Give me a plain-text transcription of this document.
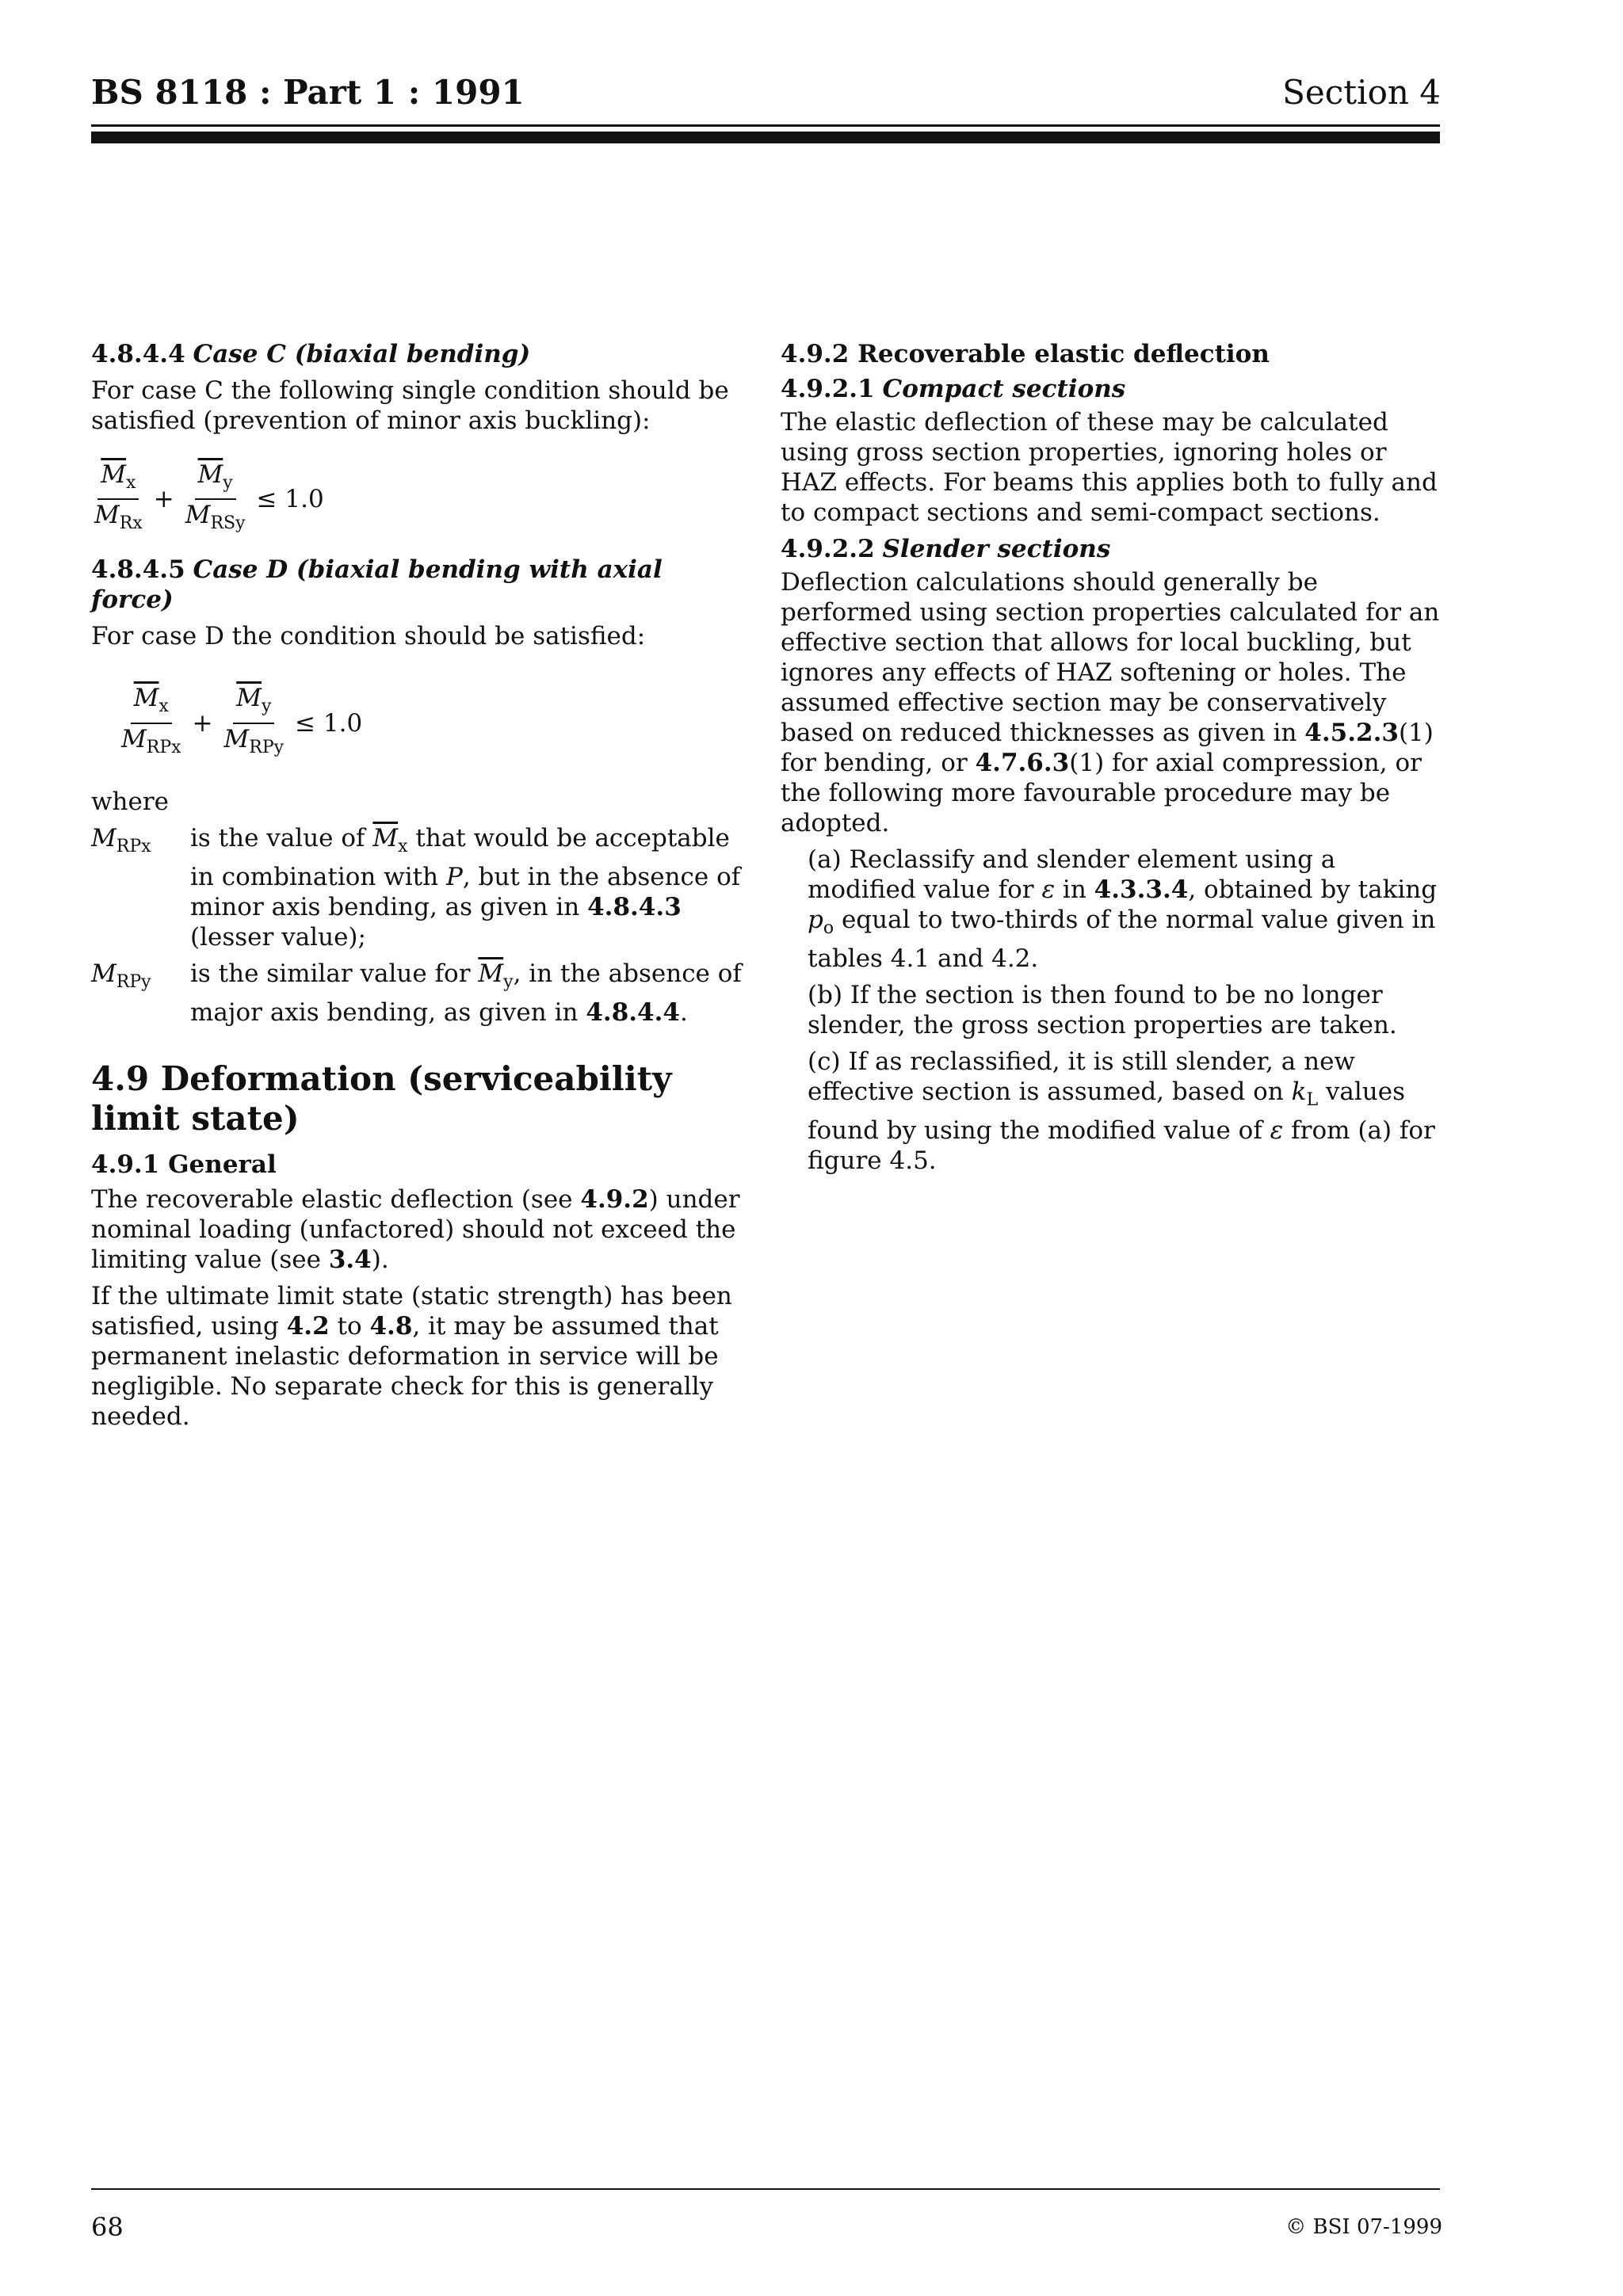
BS 8118 : Part 1 : 1991	Section 4

4.8.4.4 Case C (biaxial bending)

For case C the following single condition should be satisfied (prevention of minor axis buckling):

$\frac{\overline{M}_x}{M_{Rx}} + \frac{\overline{M}_y}{M_{RSy}} \le 1.0$

4.8.4.5 Case D (biaxial bending with axial force)

For case D the condition should be satisfied:

$\frac{\overline{M}_x}{M_{RPx}} + \frac{\overline{M}_y}{M_{RPy}} \le 1.0$

where

$M_{RPx}$	is the value of $\overline{M}_x$ that would be acceptable in combination with P, but in the absence of minor axis bending, as given in 4.8.4.3 (lesser value);
$M_{RPy}$	is the similar value for $\overline{M}_y$, in the absence of major axis bending, as given in 4.8.4.4.
4.9 Deformation (serviceability limit state)

4.9.1 General

The recoverable elastic deflection (see 4.9.2) under nominal loading (unfactored) should not exceed the limiting value (see 3.4).

If the ultimate limit state (static strength) has been satisfied, using 4.2 to 4.8, it may be assumed that permanent inelastic deformation in service will be negligible. No separate check for this is generally needed.

4.9.2 Recoverable elastic deflection

4.9.2.1 Compact sections

The elastic deflection of these may be calculated using gross section properties, ignoring holes or HAZ effects. For beams this applies both to fully and to compact sections and semi-compact sections.

4.9.2.2 Slender sections

Deflection calculations should generally be performed using section properties calculated for an effective section that allows for local buckling, but ignores any effects of HAZ softening or holes. The assumed effective section may be conservatively based on reduced thicknesses as given in 4.5.2.3(1) for bending, or 4.7.6.3(1) for axial compression, or the following more favourable procedure may be adopted.

(a) Reclassify and slender element using a modified value for ε in 4.3.3.4, obtained by taking $p_o$ equal to two-thirds of the normal value given in tables 4.1 and 4.2.

(b) If the section is then found to be no longer slender, the gross section properties are taken.

(c) If as reclassified, it is still slender, a new effective section is assumed, based on $k_L$ values found by using the modified value of ε from (a) for figure 4.5.

68	© BSI 07-1999
